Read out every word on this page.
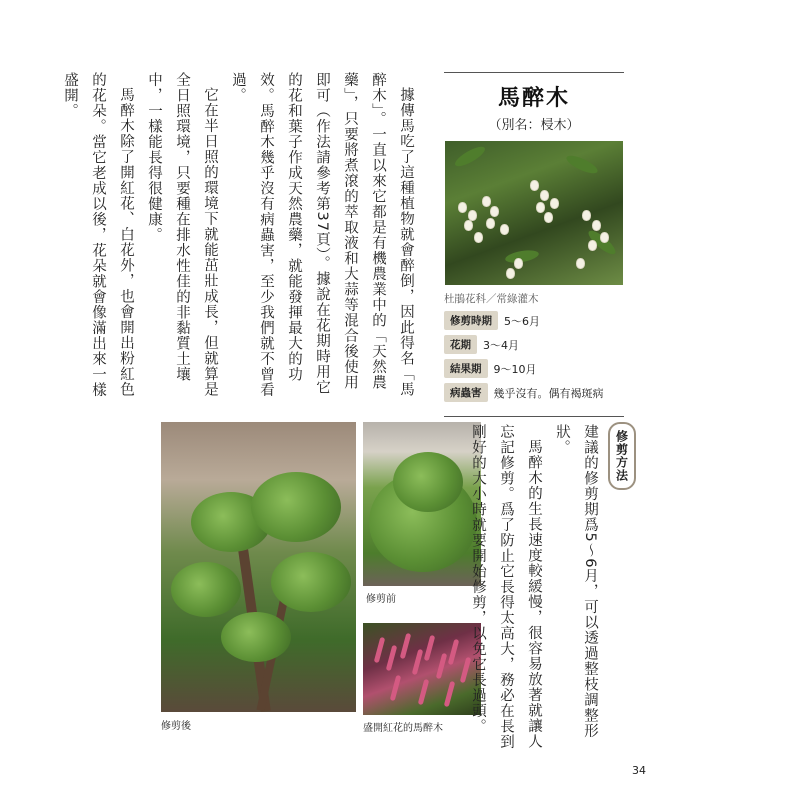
據傳馬吃了這種植物就會醉倒，因此得名「馬醉木」。一直以來它都是有機農業中的「天然農藥」，只要將煮滾的萃取液和大蒜等混合後使用即可（作法請參考第37頁）。據說在花期時用它的花和葉子作成天然農藥，就能發揮最大的功效。馬醉木幾乎沒有病蟲害，至少我們就不曾看過。

它在半日照的環境下就能茁壯成長，但就算是全日照環境，只要種在排水性佳的非黏質土壤中，一樣能長得很健康。

馬醉木除了開紅花、白花外，也會開出粉紅色的花朵。當它老成以後，花朵就會像滿出來一樣盛開。	馬醉木
（別名：梫木）
杜鵑花科／常綠灌木
修剪時期	5～6月
花期	3～4月
結果期	9～10月
病蟲害	幾乎沒有。偶有褐斑病
修剪後
修剪前
盛開紅花的馬醉木
修剪方法

建議的修剪期爲5～6月，可以透過整枝調整形狀。

馬醉木的生長速度較緩慢，很容易放著就讓人忘記修剪。爲了防止它長得太高大，務必在長到剛好的大小時就要開始修剪，以免它長過頭。

34
